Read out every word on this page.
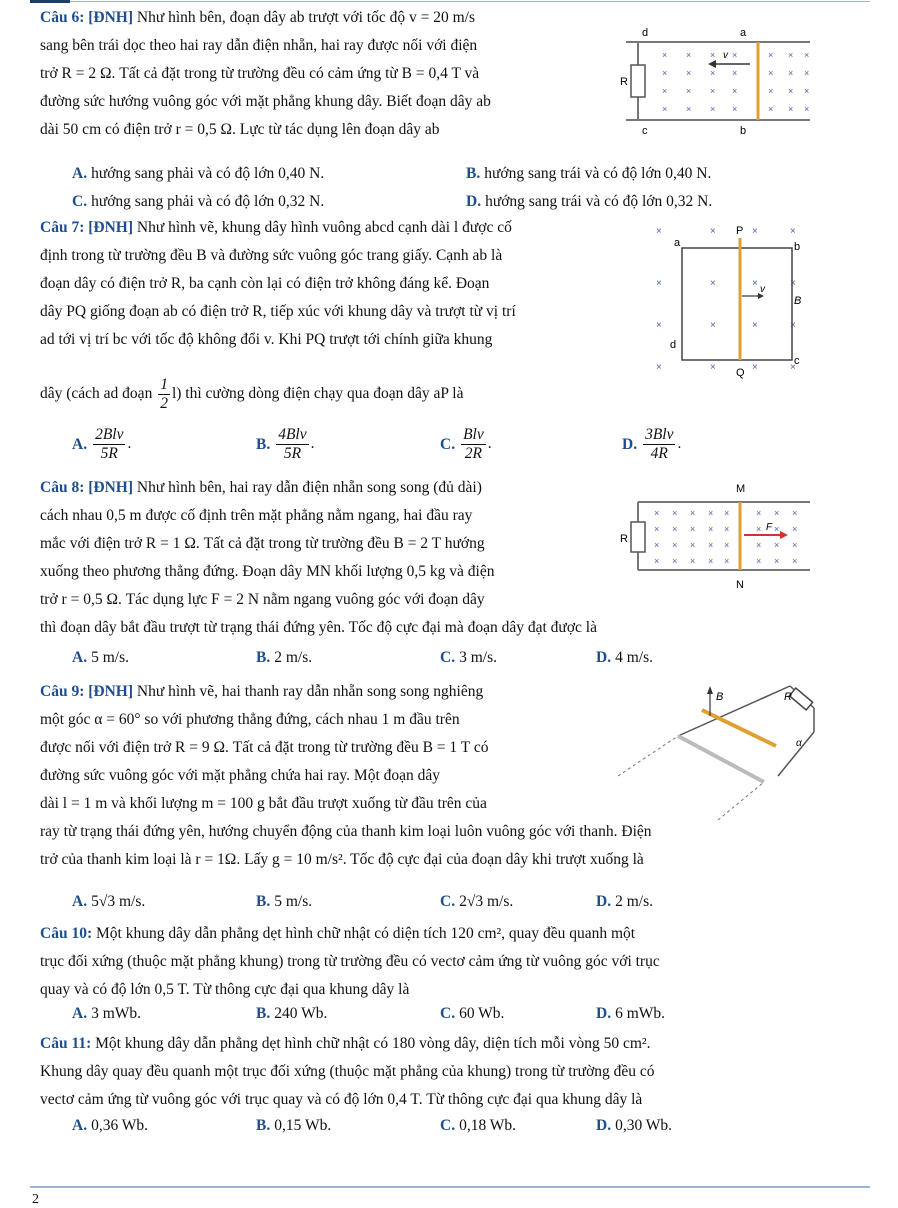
Câu 6: [ĐNH] Như hình bên, đoạn dây ab trượt với tốc độ v = 20 m/s
sang bên trái dọc theo hai ray dẫn điện nhẵn, hai ray được nối với điện
trở R = 2 Ω. Tất cả đặt trong từ trường đều có cảm ứng từ B = 0,4 T và
đường sức hướng vuông góc với mặt phẳng khung dây. Biết đoạn dây ab
dài 50 cm có điện trở r = 0,5 Ω. Lực từ tác dụng lên đoạn dây ab
A. hướng sang phải và có độ lớn 0,40 N.	B. hướng sang trái và có độ lớn 0,40 N.
C. hướng sang phải và có độ lớn 0,32 N.	D. hướng sang trái và có độ lớn 0,32 N.
× × × ×	× × ×
× × × ×	× × ×
× × × ×	× × ×
× × × ×	× × ×
v
d	a
c	b
R
Câu 7: [ĐNH] Như hình vẽ, khung dây hình vuông abcd cạnh dài l được cố
định trong từ trường đều B và đường sức vuông góc trang giấy. Cạnh ab là
đoạn dây có điện trở R, ba cạnh còn lại có điện trở không đáng kể. Đoạn
dây PQ giống đoạn ab có điện trở R, tiếp xúc với khung dây và trượt từ vị trí
ad tới vị trí bc với tốc độ không đổi v. Khi PQ trượt tới chính giữa khung
dây (cách ad đoạn $\frac{1}{2} l$) thì cường dòng điện chạy qua đoạn dây aP là
A. $\frac{\text{2Blv}}{5R}$ .	B. $\frac{\text{4Blv}}{5R}$ .	C. $\frac{\text{Blv}}{2R}$ .	D. $\frac{\text{3Blv}}{4R}$ .
×	×	×	×
×	×	×	×
×	×	×	×
×	×	×	×
v
P
Q
a	b
c
d
B
Câu 8: [ĐNH] Như hình bên, hai ray dẫn điện nhẵn song song (đủ dài)
cách nhau 0,5 m được cố định trên mặt phẳng nằm ngang, hai đầu ray
mắc với điện trở R = 1 Ω. Tất cả đặt trong từ trường đều B = 2 T hướng
xuống theo phương thẳng đứng. Đoạn dây MN khối lượng 0,5 kg và điện
trở r = 0,5 Ω. Tác dụng lực F = 2 N nằm ngang vuông góc với đoạn dây
thì đoạn dây bắt đầu trượt từ trạng thái đứng yên. Tốc độ cực đại mà đoạn dây đạt được là
A. 5 m/s.	B. 2 m/s.	C. 3 m/s.	D. 4 m/s.
× × × × ×	× × ×
× × × × ×	× × ×
× × × × ×	× × ×
× × × × ×	× × ×
F
M
N
R
Câu 9: [ĐNH] Như hình vẽ, hai thanh ray dẫn nhẵn song song nghiêng
một góc α = 60° so với phương thẳng đứng, cách nhau 1 m đầu trên
được nối với điện trở R = 9 Ω. Tất cả đặt trong từ trường đều B = 1 T có
đường sức vuông góc với mặt phẳng chứa hai ray. Một đoạn dây
dài l = 1 m và khối lượng m = 100 g bắt đầu trượt xuống từ đầu trên của
ray từ trạng thái đứng yên, hướng chuyển động của thanh kim loại luôn vuông góc với thanh. Điện
trở của thanh kim loại là r = 1Ω. Lấy g = 10 m/s². Tốc độ cực đại của đoạn dây khi trượt xuống là
A. 5√3 m/s.	B. 5 m/s.	C. 2√3 m/s.	D. 2 m/s.
B	R
α
Câu 10: Một khung dây dẫn phẳng dẹt hình chữ nhật có diện tích 120 cm², quay đều quanh một
trục đối xứng (thuộc mặt phẳng khung) trong từ trường đều có vectơ cảm ứng từ vuông góc với trục
quay và có độ lớn 0,5 T. Từ thông cực đại qua khung dây là
A. 3 mWb.	B. 240 Wb.	C. 60 Wb.	D. 6 mWb.
Câu 11: Một khung dây dẫn phẳng dẹt hình chữ nhật có 180 vòng dây, diện tích mỗi vòng 50 cm².
Khung dây quay đều quanh một trục đối xứng (thuộc mặt phẳng của khung) trong từ trường đều có
vectơ cảm ứng từ vuông góc với trục quay và có độ lớn 0,4 T. Từ thông cực đại qua khung dây là
A. 0,36 Wb.	B. 0,15 Wb.	C. 0,18 Wb.	D. 0,30 Wb.
2
